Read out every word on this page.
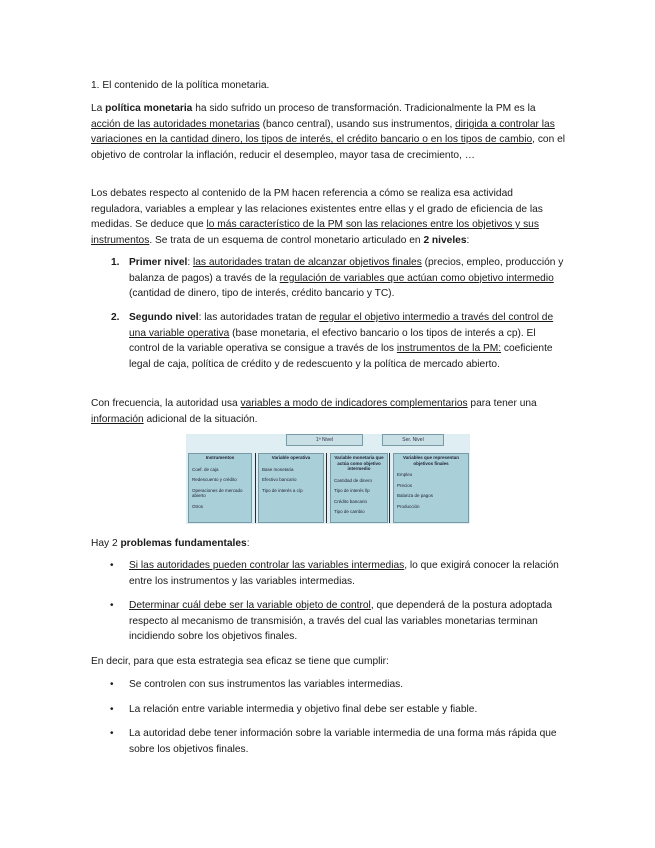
1. El contenido de la política monetaria.

La política monetaria ha sido sufrido un proceso de transformación. Tradicionalmente la PM es la acción de las autoridades monetarias (banco central), usando sus instrumentos, dirigida a controlar las variaciones en la cantidad dinero, los tipos de interés, el crédito bancario o en los tipos de cambio, con el objetivo de controlar la inflación, reducir el desempleo, mayor tasa de crecimiento, …

Los debates respecto al contenido de la PM hacen referencia a cómo se realiza esa actividad reguladora, variables a emplear y las relaciones existentes entre ellas y el grado de eficiencia de las medidas. Se deduce que lo más característico de la PM son las relaciones entre los objetivos y sus instrumentos. Se trata de un esquema de control monetario articulado en 2 niveles:

1. Primer nivel: las autoridades tratan de alcanzar objetivos finales (precios, empleo, producción y balanza de pagos) a través de la regulación de variables que actúan como objetivo intermedio (cantidad de dinero, tipo de interés, crédito bancario y TC).
2. Segundo nivel: las autoridades tratan de regular el objetivo intermedio a través del control de una variable operativa (base monetaria, el efectivo bancario o los tipos de interés a cp). El control de la variable operativa se consigue a través de los instrumentos de la PM: coeficiente legal de caja, política de crédito y de redescuento y la política de mercado abierto.

Con frecuencia, la autoridad usa variables a modo de indicadores complementarios para tener una información adicional de la situación.

Hay 2 problemas fundamentales:

• Si las autoridades pueden controlar las variables intermedias, lo que exigirá conocer la relación entre los instrumentos y las variables intermedias.
• Determinar cuál debe ser la variable objeto de control, que dependerá de la postura adoptada respecto al mecanismo de transmisión, a través del cual las variables monetarias terminan incidiendo sobre los objetivos finales.

En decir, para que esta estrategia sea eficaz se tiene que cumplir:

• Se controlen con sus instrumentos las variables intermedias.
• La relación entre variable intermedia y objetivo final debe ser estable y fiable.
• La autoridad debe tener información sobre la variable intermedia de una forma más rápida que sobre los objetivos finales.
1ª Nivel	Ser. Nivel
Instrumentos
Coef. de caja
Redescuento y crédito
Operaciones de mercado abierto
Otros
Variable operativa
Base monetaria
Efectivo bancario
Tipo de interés a c/p
Variable monetaria que actúa como objetivo intermedio
Cantidad de dinero
Tipo de interés l/p
Crédito bancario
Tipo de cambio
Variables que representan objetivos finales
Empleo
Precios
Balanza de pagos
Producción
